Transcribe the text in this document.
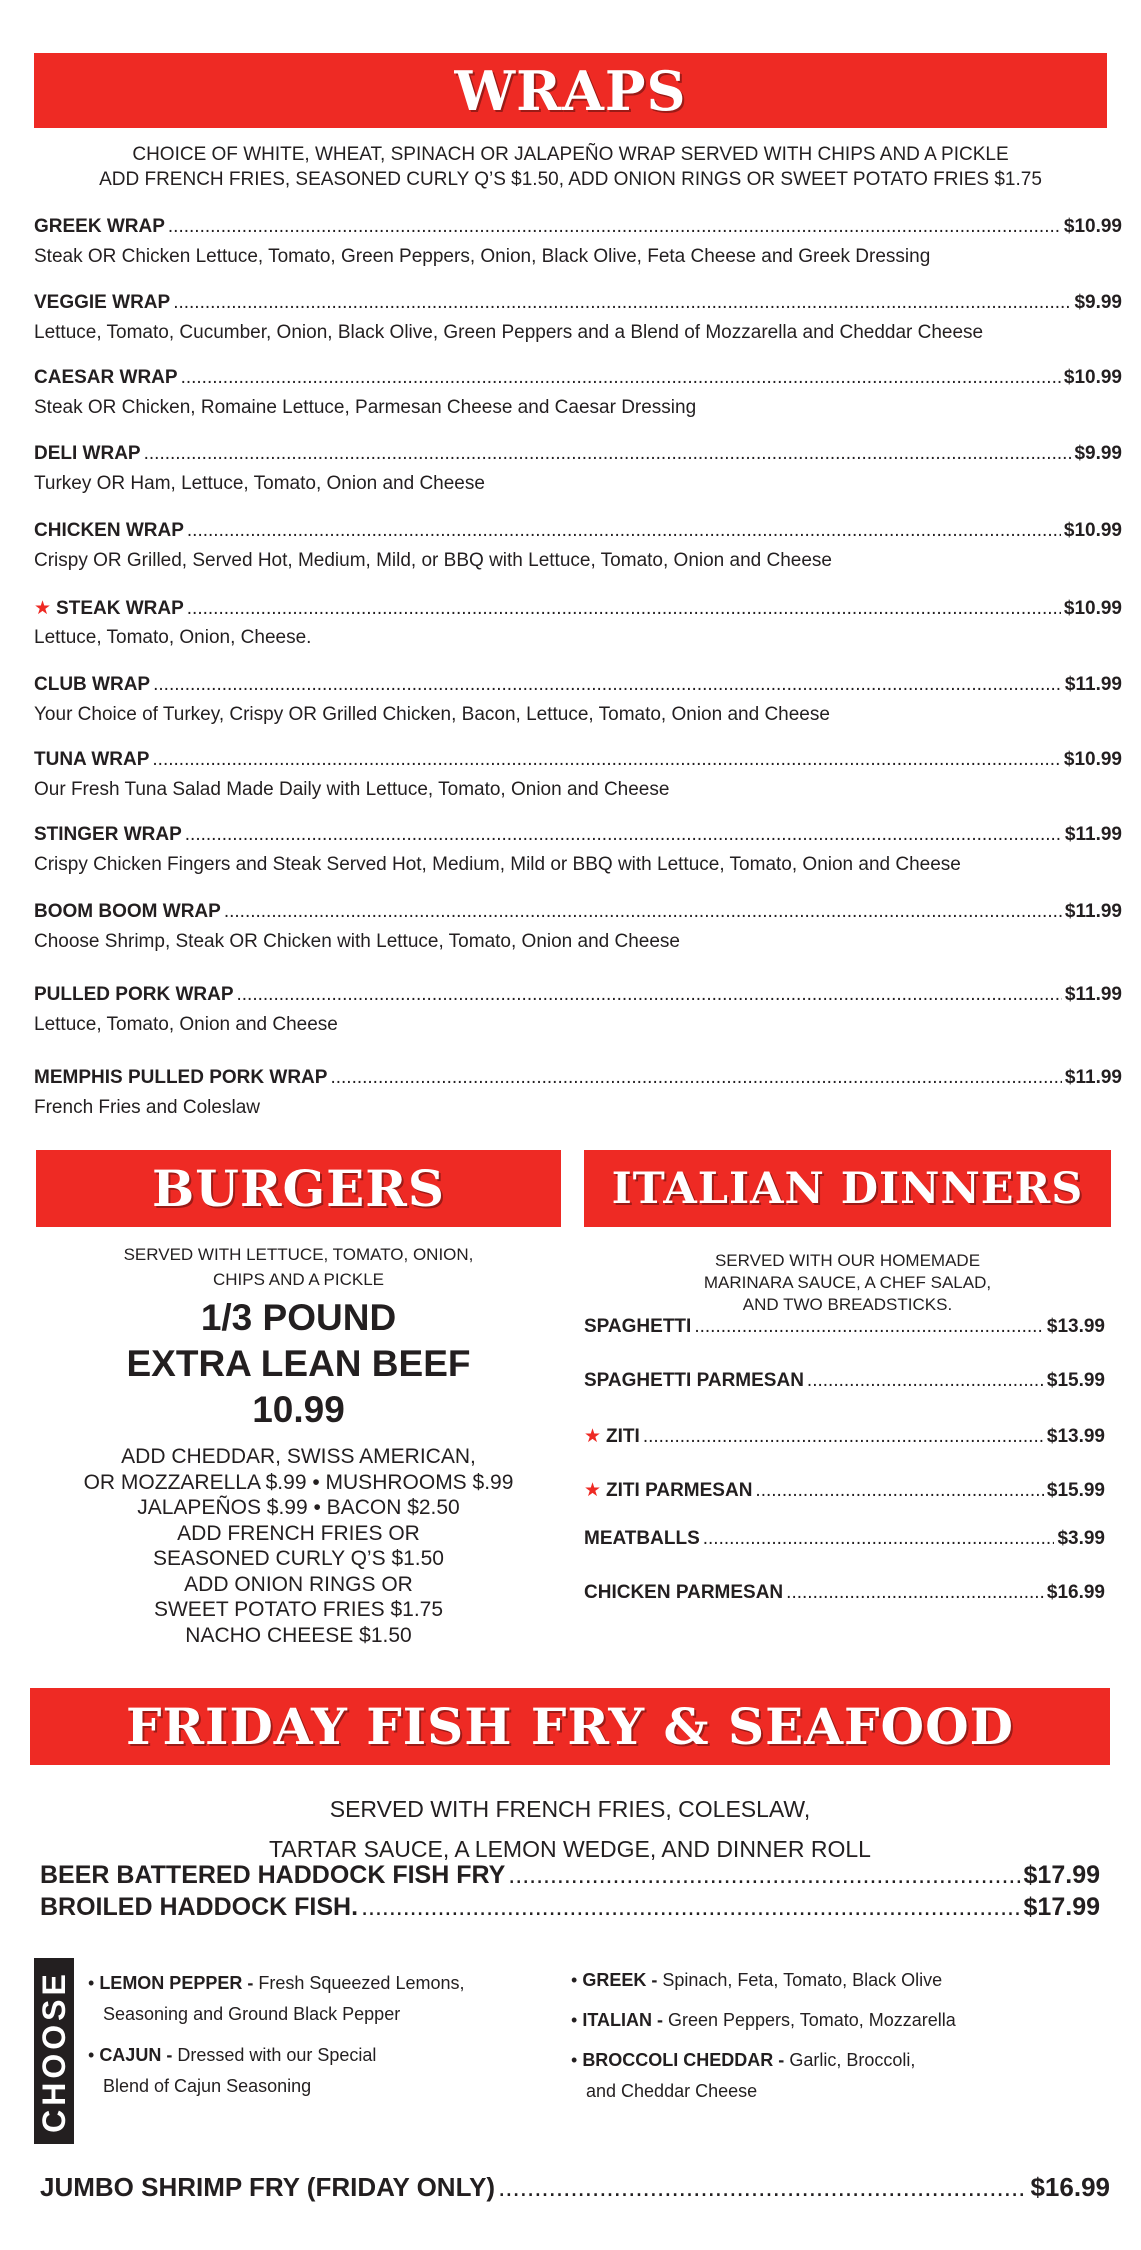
WRAPS
CHOICE OF WHITE, WHEAT, SPINACH OR JALAPEÑO WRAP SERVED WITH CHIPS AND A PICKLE
ADD FRENCH FRIES, SEASONED CURLY Q’S $1.50, ADD ONION RINGS OR SWEET POTATO FRIES $1.75
GREEK WRAP .....	$10.99
Steak OR Chicken Lettuce, Tomato, Green Peppers, Onion, Black Olive, Feta Cheese and Greek Dressing
VEGGIE WRAP .....	$9.99
Lettuce, Tomato, Cucumber, Onion, Black Olive, Green Peppers and a Blend of Mozzarella and Cheddar Cheese
CAESAR WRAP .....	$10.99
Steak OR Chicken, Romaine Lettuce, Parmesan Cheese and Caesar Dressing
DELI WRAP .....	$9.99
Turkey OR Ham, Lettuce, Tomato, Onion and Cheese
CHICKEN WRAP .....	$10.99
Crispy OR Grilled, Served Hot, Medium, Mild, or BBQ with Lettuce, Tomato, Onion and Cheese
★ STEAK WRAP .....	$10.99
Lettuce, Tomato, Onion, Cheese.
CLUB WRAP .....	$11.99
Your Choice of Turkey, Crispy OR Grilled Chicken, Bacon, Lettuce, Tomato, Onion and Cheese
TUNA WRAP .....	$10.99
Our Fresh Tuna Salad Made Daily with Lettuce, Tomato, Onion and Cheese
STINGER WRAP .....	$11.99
Crispy Chicken Fingers and Steak Served Hot, Medium, Mild or BBQ with Lettuce, Tomato, Onion and Cheese
BOOM BOOM WRAP .....	$11.99
Choose Shrimp, Steak OR Chicken with Lettuce, Tomato, Onion and Cheese
PULLED PORK WRAP .....	$11.99
Lettuce, Tomato, Onion and Cheese
MEMPHIS PULLED PORK WRAP .....	$11.99
French Fries and Coleslaw
BURGERS
SERVED WITH LETTUCE, TOMATO, ONION,
CHIPS AND A PICKLE
1/3 POUND
EXTRA LEAN BEEF
10.99
ADD CHEDDAR, SWISS AMERICAN,
OR MOZZARELLA $.99 • MUSHROOMS $.99
JALAPEÑOS $.99 • BACON $2.50
ADD FRENCH FRIES OR
SEASONED CURLY Q’S $1.50
ADD ONION RINGS OR
SWEET POTATO FRIES $1.75
NACHO CHEESE $1.50
ITALIAN DINNERS
SERVED WITH OUR HOMEMADE
MARINARA SAUCE, A CHEF SALAD,
AND TWO BREADSTICKS.
SPAGHETTI .....	$13.99
SPAGHETTI PARMESAN .....	$15.99
★ ZITI .....	$13.99
★ ZITI PARMESAN .....	$15.99
MEATBALLS .....	$3.99
CHICKEN PARMESAN .....	$16.99
FRIDAY FISH FRY & SEAFOOD
SERVED WITH FRENCH FRIES, COLESLAW,
TARTAR SAUCE, A LEMON WEDGE, AND DINNER ROLL
BEER BATTERED HADDOCK FISH FRY .....	$17.99
BROILED HADDOCK FISH. .....	$17.99
CHOOSE • LEMON PEPPER - Fresh Squeezed Lemons,
Seasoning and Ground Black Pepper
• CAJUN - Dressed with our Special
Blend of Cajun Seasoning
• GREEK - Spinach, Feta, Tomato, Black Olive
• ITALIAN - Green Peppers, Tomato, Mozzarella
• BROCCOLI CHEDDAR - Garlic, Broccoli,
and Cheddar Cheese
JUMBO SHRIMP FRY (FRIDAY ONLY) .....	$16.99
